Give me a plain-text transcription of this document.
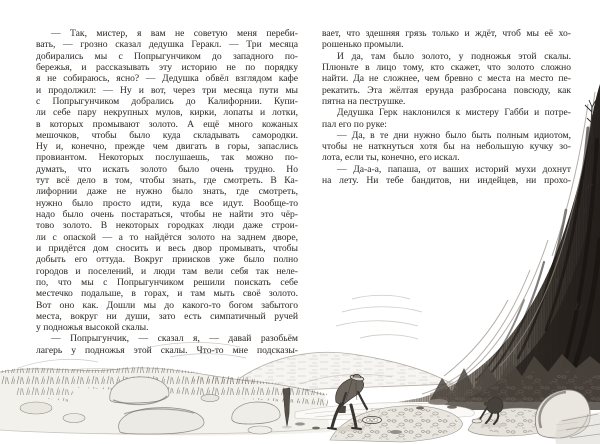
— Так, мистер, я вам не советую меня переби-
вать, — грозно сказал дедушка Геракл. — Три месяца
добирались мы с Попрыгунчиком до западного по-
бережья, и рассказывать эту историю не по порядку
я не собираюсь, ясно? — Дедушка обвёл взглядом кафе
и продолжил: — Ну и вот, через три месяца пути мы
с Попрыгунчиком добрались до Калифорнии. Купи-
ли себе пару некрупных мулов, кирки, лопаты и лотки,
в которых промывают золото. А ещё много кожаных
мешочков, чтобы было куда складывать самородки.
Ну и, конечно, прежде чем двигать в горы, запаслись
провиантом. Некоторых послушаешь, так можно по-
думать, что искать золото было очень трудно. Но
тут всё дело в том, чтобы знать, где смотреть. В Ка-
лифорнии даже не нужно было знать, где смотреть,
нужно было просто идти, куда все идут. Вообще-то
надо было очень постараться, чтобы не найти это чёр-
тово золото. В некоторых городках люди даже строи-
ли с опаской — а то найдётся золото на заднем дворе,
и придётся дом сносить и весь двор промывать, чтобы
добыть его оттуда. Вокруг приисков уже было полно
городов и поселений, и люди там вели себя так неле-
по, что мы с Попрыгунчиком решили поискать себе
местечко подальше, в горах, и там мыть своё золото.
Вот оно как. Дошли мы до какого-то богом забытого
места, вокруг ни души, зато есть симпатичный ручей
у подножья высокой скалы.
— Попрыгунчик, — сказал я, — давай разобьём
лагерь у подножья этой скалы. Что-то мне подсказы-
вает, что здешняя грязь только и ждёт, чтоб мы её хо-
рошенько промыли.
И да, там было золото, у подножья этой скалы.
Плюньте в лицо тому, кто скажет, что золото сложно
найти. Да не сложнее, чем бревно с места на место пе-
рекатить. Эта жёлтая ерунда разбросана повсюду, как
пятна на пеструшке.
Дедушка Герк наклонился к мистеру Габби и потре-
пал его по руке:
— Да, в те дни нужно было быть полным идиотом,
чтобы не наткнуться хотя бы на небольшую кучку зо-
лота, если ты, конечно, его искал.
— Да-а-а, папаша, от ваших историй мухи дохнут
на лету. Ни тебе бандитов, ни индейцев, ни прохо-
